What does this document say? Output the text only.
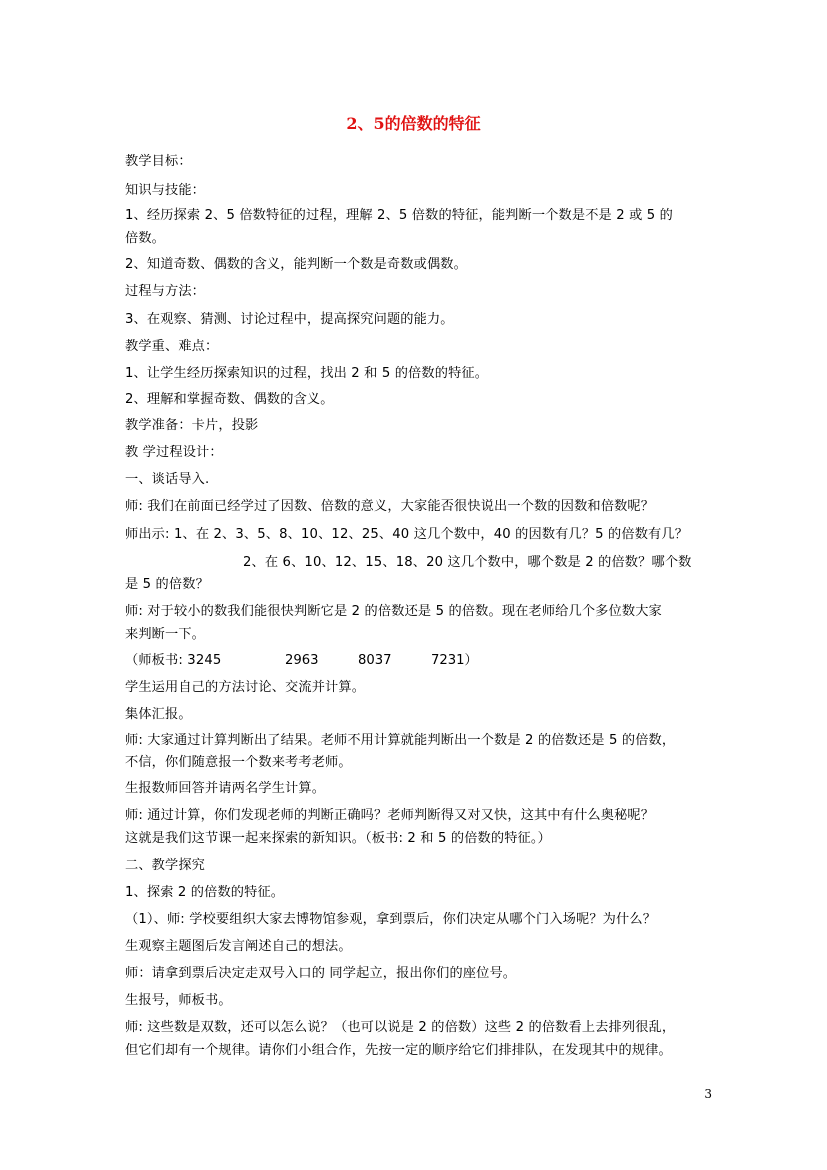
2、5的倍数的特征
教学目标：
知识与技能：
1、经历探索 2、5 倍数特征的过程，理解 2、5 倍数的特征，能判断一个数是不是 2 或 5 的
倍数。
2、知道奇数、偶数的含义，能判断一个数是奇数或偶数。
过程与方法：
3、在观察、猜测、讨论过程中，提高探究问题的能力。
教学重、难点：
1、让学生经历探索知识的过程，找出 2 和 5 的倍数的特征。
2、理解和掌握奇数、偶数的含义。
教学准备：卡片，投影
教 学过程设计：
一、谈话导入.
师: 我们在前面已经学过了因数、倍数的意义，大家能否很快说出一个数的因数和倍数呢？
师出示: 1、在 2、3、5、8、10、12、25、40 这几个数中，40 的因数有几？5 的倍数有几？
2、在 6、10、12、15、18、20 这几个数中，哪个数是 2 的倍数？哪个数
是 5 的倍数？
师: 对于较小的数我们能很快判断它是 2 的倍数还是 5 的倍数。现在老师给几个多位数大家
来判断一下。
（师板书: 3245	2963	8037	7231）
学生运用自己的方法讨论、交流并计算。
集体汇报。
师: 大家通过计算判断出了结果。老师不用计算就能判断出一个数是 2 的倍数还是 5 的倍数，
不信，你们随意报一个数来考考老师。
生报数师回答并请两名学生计算。
师: 通过计算，你们发现老师的判断正确吗？老师判断得又对又快，这其中有什么奥秘呢？
这就是我们这节课一起来探索的新知识。（板书: 2 和 5 的倍数的特征。）
二、教学探究
1、探索 2 的倍数的特征。
（1）、师: 学校要组织大家去博物馆参观，拿到票后，你们决定从哪个门入场呢？为什么？
生观察主题图后发言阐述自己的想法。
师：请拿到票后决定走双号入口的 同学起立，报出你们的座位号。
生报号，师板书。
师: 这些数是双数，还可以怎么说？（也可以说是 2 的倍数）这些 2 的倍数看上去排列很乱，
但它们却有一个规律。请你们小组合作，先按一定的顺序给它们排排队，在发现其中的规律。
3
